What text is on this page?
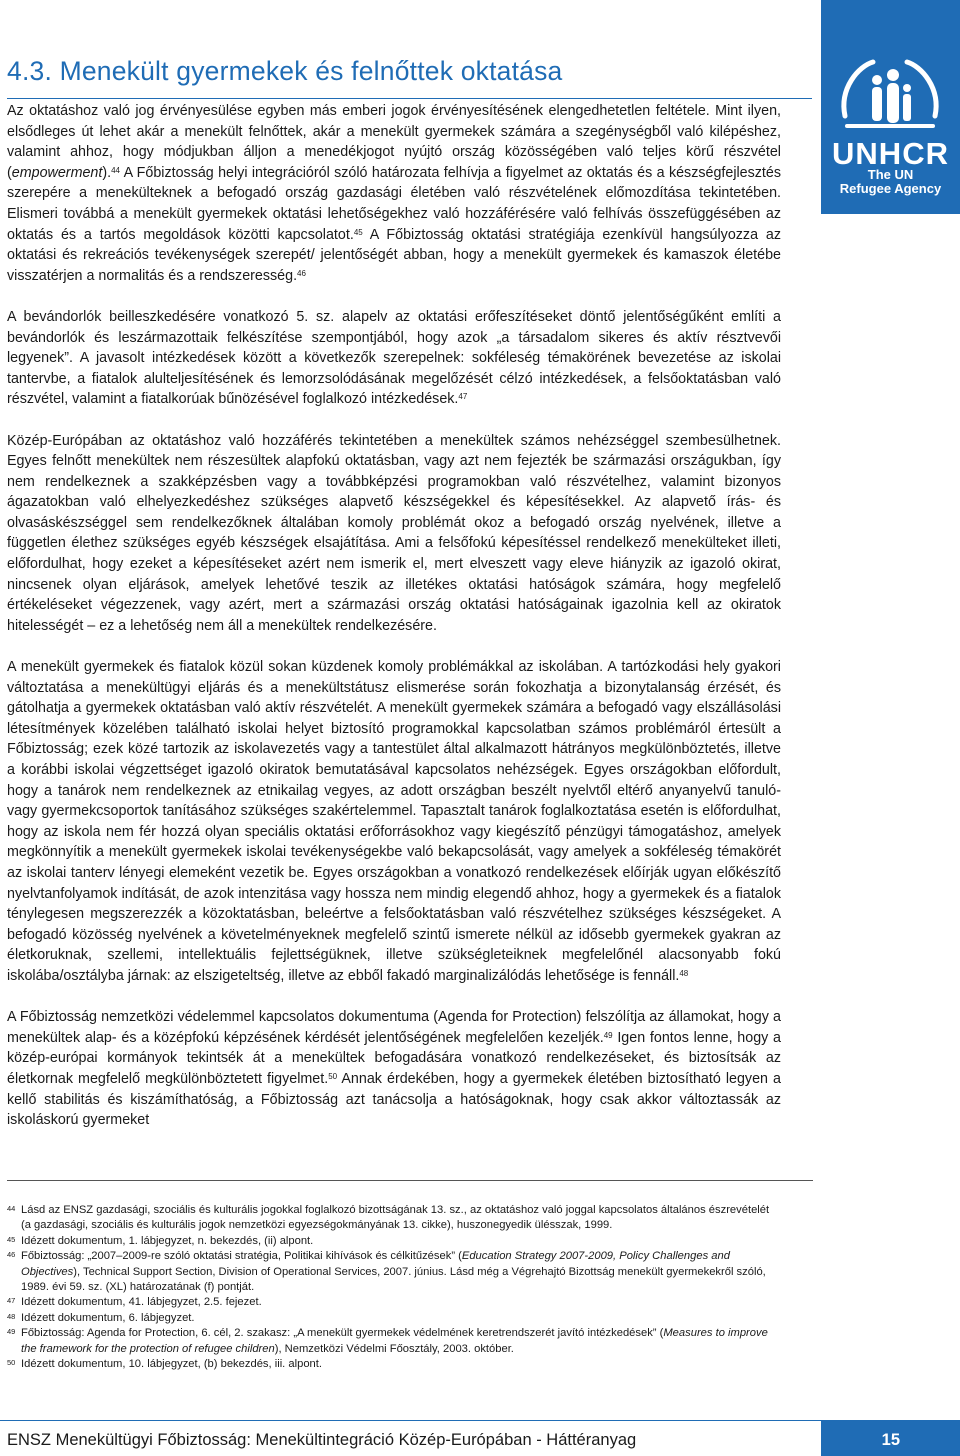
4.3. Menekült gyermekek és felnőttek oktatása
UNHCR
The UN
Refugee Agency

Az oktatáshoz való jog érvényesülése egyben más emberi jogok érvényesítésének elengedhetetlen feltétele. Mint ilyen, elsődleges út lehet akár a menekült felnőttek, akár a menekült gyermekek számára a szegénységből való kilépéshez, valamint ahhoz, hogy módjukban álljon a menedékjogot nyújtó ország közösségében való teljes körű részvétel (empowerment).$^{44}$ A Főbiztosság helyi integrációról szóló határozata felhívja a figyelmet az oktatás és a készségfejlesztés szerepére a menekülteknek a befogadó ország gazdasági életében való részvételének előmozdítása tekintetében. Elismeri továbbá a menekült gyermekek oktatási lehetőségekhez való hozzáférésére való felhívás összefüggésében az oktatás és a tartós megoldások közötti kapcsolatot.$^{45}$ A Főbiztosság oktatási stratégiája ezenkívül hangsúlyozza az oktatási és rekreációs tevékenységek szerepét/ jelentőségét abban, hogy a menekült gyermekek és kamaszok életébe visszatérjen a normalitás és a rendszeresség.$^{46}$

A bevándorlók beilleszkedésére vonatkozó 5. sz. alapelv az oktatási erőfeszítéseket döntő jelentőségűként említi a bevándorlók és leszármazottaik felkészítése szempontjából, hogy azok „a társadalom sikeres és aktív résztvevői legyenek”. A javasolt intézkedések között a következők szerepelnek: sokféleség témakörének bevezetése az iskolai tantervbe, a fiatalok alulteljesítésének és lemorzsolódásának megelőzését célzó intézkedések, a felsőoktatásban való részvétel, valamint a fiatalkorúak bűnözésével foglalkozó intézkedések.$^{47}$

Közép-Európában az oktatáshoz való hozzáférés tekintetében a menekültek számos nehézséggel szembesülhetnek. Egyes felnőtt menekültek nem részesültek alapfokú oktatásban, vagy azt nem fejezték be származási országukban, így nem rendelkeznek a szakképzésben vagy a továbbképzési programokban való részvételhez, valamint bizonyos ágazatokban való elhelyezkedéshez szükséges alapvető készségekkel és képesítésekkel. Az alapvető írás- és olvasáskészséggel sem rendelkezőknek általában komoly problémát okoz a befogadó ország nyelvének, illetve a független élethez szükséges egyéb készségek elsajátítása. Ami a felsőfokú képesítéssel rendelkező menekülteket illeti, előfordulhat, hogy ezeket a képesítéseket azért nem ismerik el, mert elveszett vagy eleve hiányzik az igazoló okirat, nincsenek olyan eljárások, amelyek lehetővé teszik az illetékes oktatási hatóságok számára, hogy megfelelő értékeléseket végezzenek, vagy azért, mert a származási ország oktatási hatóságainak igazolnia kell az okiratok hitelességét – ez a lehetőség nem áll a menekültek rendelkezésére.

A menekült gyermekek és fiatalok közül sokan küzdenek komoly problémákkal az iskolában. A tartózkodási hely gyakori változtatása a menekültügyi eljárás és a menekültstátusz elismerése során fokozhatja a bizonytalanság érzését, és gátolhatja a gyermekek oktatásban való aktív részvételét. A menekült gyermekek számára a befogadó vagy elszállásolási létesítmények közelében található iskolai helyet biztosító programokkal kapcsolatban számos problémáról értesült a Főbiztosság; ezek közé tartozik az iskolavezetés vagy a tantestület által alkalmazott hátrányos megkülönböztetés, illetve a korábbi iskolai végzettséget igazoló okiratok bemutatásával kapcsolatos nehézségek. Egyes országokban előfordult, hogy a tanárok nem rendelkeznek az etnikailag vegyes, az adott országban beszélt nyelvtől eltérő anyanyelvű tanuló- vagy gyermekcsoportok tanításához szükséges szakértelemmel. Tapasztalt tanárok foglalkoztatása esetén is előfordulhat, hogy az iskola nem fér hozzá olyan speciális oktatási erőforrásokhoz vagy kiegészítő pénzügyi támogatáshoz, amelyek megkönnyítik a menekült gyermekek iskolai tevékenységekbe való bekapcsolását, vagy amelyek a sokféleség témakörét az iskolai tanterv lényegi elemeként vezetik be. Egyes országokban a vonatkozó rendelkezések előírják ugyan előkészítő nyelvtanfolyamok indítását, de azok intenzitása vagy hossza nem mindig elegendő ahhoz, hogy a gyermekek és a fiatalok ténylegesen megszerezzék a közoktatásban, beleértve a felsőoktatásban való részvételhez szükséges készségeket. A befogadó közösség nyelvének a követelményeknek megfelelő szintű ismerete nélkül az idősebb gyermekek gyakran az életkoruknak, szellemi, intellektuális fejlettségüknek, illetve szükségleteiknek megfelelőnél alacsonyabb fokú iskolába/osztályba járnak: az elszigeteltség, illetve az ebből fakadó marginalizálódás lehetősége is fennáll.$^{48}$

A Főbiztosság nemzetközi védelemmel kapcsolatos dokumentuma (Agenda for Protection) felszólítja az államokat, hogy a menekültek alap- és a középfokú képzésének kérdését jelentőségének megfelelően kezeljék.$^{49}$ Igen fontos lenne, hogy a közép-európai kormányok tekintsék át a menekültek befogadására vonatkozó rendelkezéseket, és biztosítsák az életkornak megfelelő megkülönböztetett figyelmet.$^{50}$ Annak érdekében, hogy a gyermekek életében biztosítható legyen a kellő stabilitás és kiszámíthatóság, a Főbiztosság azt tanácsolja a hatóságoknak, hogy csak akkor változtassák az iskoláskorú gyermeket

44 Lásd az ENSZ gazdasági, szociális és kulturális jogokkal foglalkozó bizottságának 13. sz., az oktatáshoz való joggal kapcsolatos általános észrevételét (a gazdasági, szociális és kulturális jogok nemzetközi egyezségokmányának 13. cikke), huszonegyedik ülésszak, 1999.
45 Idézett dokumentum, 1. lábjegyzet, n. bekezdés, (ii) alpont.
46 Főbiztosság: „2007–2009-re szóló oktatási stratégia, Politikai kihívások és célkitűzések” (Education Strategy 2007-2009, Policy Challenges and Objectives), Technical Support Section, Division of Operational Services, 2007. június. Lásd még a Végrehajtó Bizottság menekült gyermekekről szóló, 1989. évi 59. sz. (XL) határozatának (f) pontját.
47 Idézett dokumentum, 41. lábjegyzet, 2.5. fejezet.
48 Idézett dokumentum, 6. lábjegyzet.
49 Főbiztosság: Agenda for Protection, 6. cél, 2. szakasz: „A menekült gyermekek védelmének keretrendszerét javító intézkedések” (Measures to improve the framework for the protection of refugee children), Nemzetközi Védelmi Főosztály, 2003. október.
50 Idézett dokumentum, 10. lábjegyzet, (b) bekezdés, iii. alpont.
ENSZ Menekültügyi Főbiztosság: Menekültintegráció Közép-Európában - Háttéranyag	15
